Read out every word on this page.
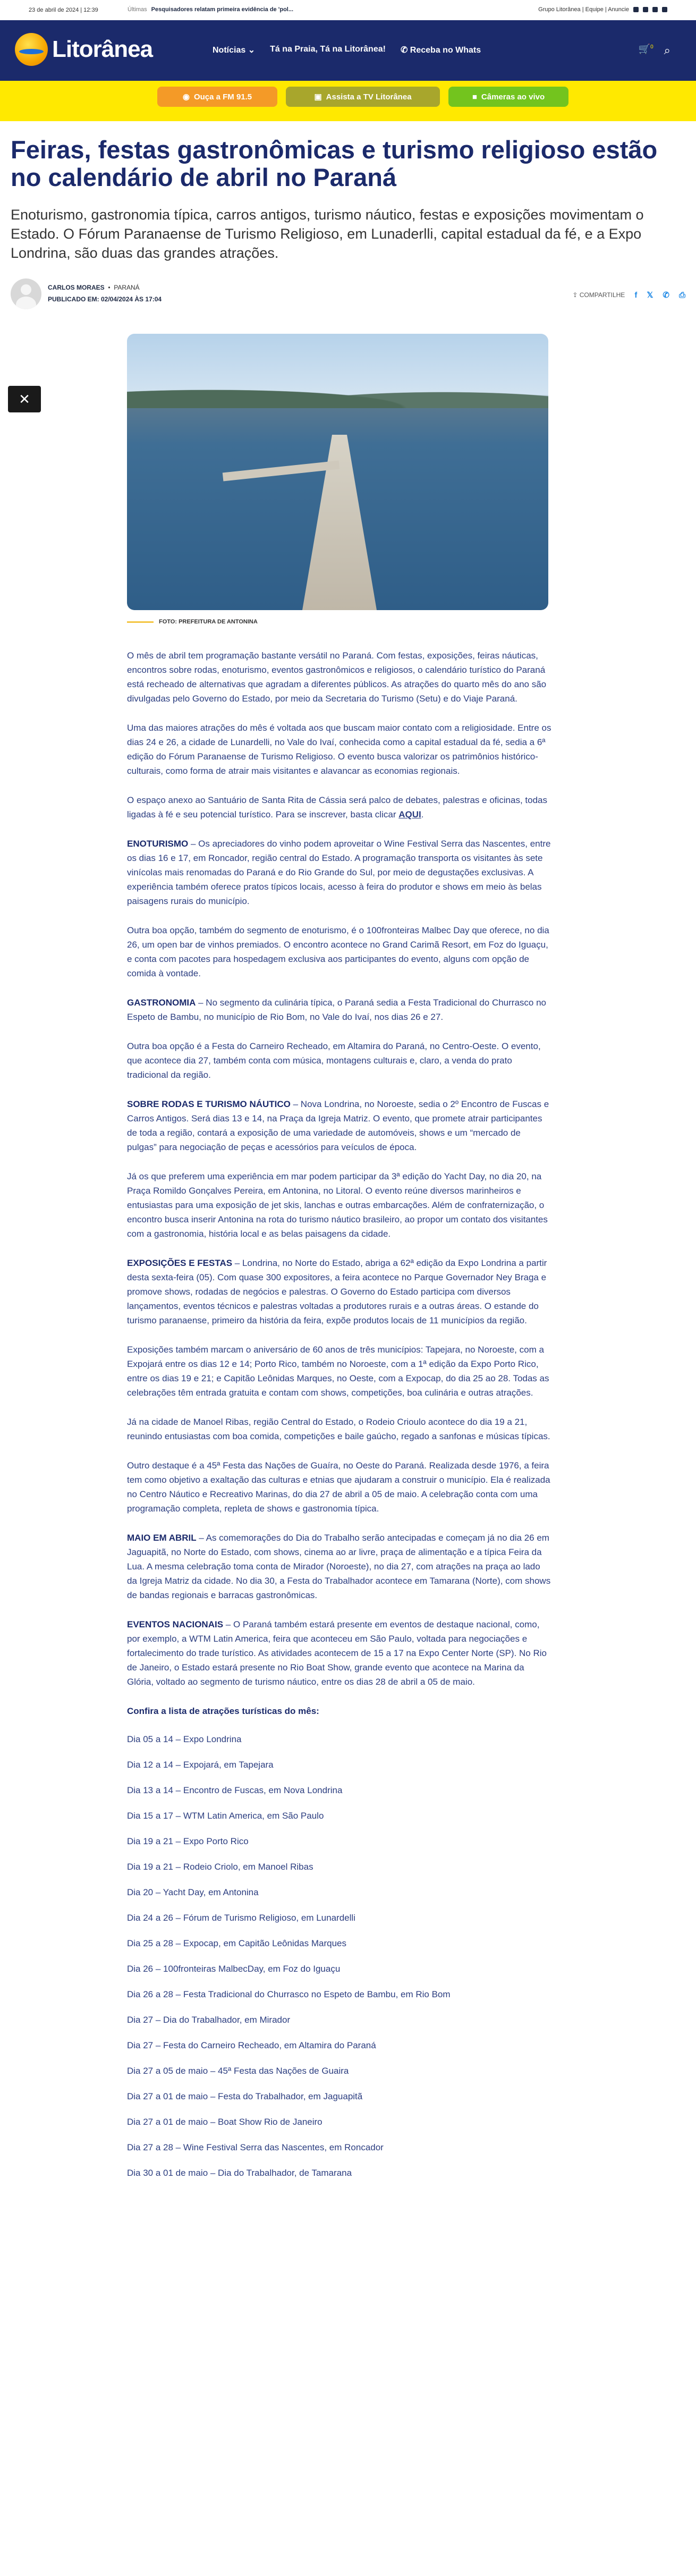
23 de abril de 2024 | 12:39	Últimas Pesquisadores relatam primeira evidência de 'pol...	Grupo Litorânea | Equipe | Anuncie
Litorânea	Notícias ⌄ Tá na Praia, Tá na Litorânea! ✆ Receba no Whats	🛒$^0$ ⌕
◉ Ouça a FM 91.5	▣ Assista a TV Litorânea	■ Câmeras ao vivo
Feiras, festas gastronômicas e turismo religioso estão no calendário de abril no Paraná
Enoturismo, gastronomia típica, carros antigos, turismo náutico, festas e exposições movimentam o Estado. O Fórum Paranaense de Turismo Religioso, em Lunaderlli, capital estadual da fé, e a Expo Londrina, são duas das grandes atrações.
CARLOS MORAES  •  PARANÁ
PUBLICADO EM: 02/04/2024 ÀS 17:04
⇪ COMPARTILHE f 𝕏 ✆ ⎙
✕
FOTO: PREFEITURA DE ANTONINA

O mês de abril tem programação bastante versátil no Paraná. Com festas, exposições, feiras náuticas, encontros sobre rodas, enoturismo, eventos gastronômicos e religiosos, o calendário turístico do Paraná está recheado de alternativas que agradam a diferentes públicos. As atrações do quarto mês do ano são divulgadas pelo Governo do Estado, por meio da Secretaria do Turismo (Setu) e do Viaje Paraná.

Uma das maiores atrações do mês é voltada aos que buscam maior contato com a religiosidade. Entre os dias 24 e 26, a cidade de Lunardelli, no Vale do Ivaí, conhecida como a capital estadual da fé, sedia a 6ª edição do Fórum Paranaense de Turismo Religioso. O evento busca valorizar os patrimônios histórico-culturais, como forma de atrair mais visitantes e alavancar as economias regionais.

O espaço anexo ao Santuário de Santa Rita de Cássia será palco de debates, palestras e oficinas, todas ligadas à fé e seu potencial turístico. Para se inscrever, basta clicar AQUI.

ENOTURISMO – Os apreciadores do vinho podem aproveitar o Wine Festival Serra das Nascentes, entre os dias 16 e 17, em Roncador, região central do Estado. A programação transporta os visitantes às sete vinícolas mais renomadas do Paraná e do Rio Grande do Sul, por meio de degustações exclusivas. A experiência também oferece pratos típicos locais, acesso à feira do produtor e shows em meio às belas paisagens rurais do município.

Outra boa opção, também do segmento de enoturismo, é o 100fronteiras Malbec Day que oferece, no dia 26, um open bar de vinhos premiados. O encontro acontece no Grand Carimã Resort, em Foz do Iguaçu, e conta com pacotes para hospedagem exclusiva aos participantes do evento, alguns com opção de comida à vontade.

GASTRONOMIA – No segmento da culinária típica, o Paraná sedia a Festa Tradicional do Churrasco no Espeto de Bambu, no município de Rio Bom, no Vale do Ivaí, nos dias 26 e 27.

Outra boa opção é a Festa do Carneiro Recheado, em Altamira do Paraná, no Centro-Oeste. O evento, que acontece dia 27, também conta com música, montagens culturais e, claro, a venda do prato tradicional da região.

SOBRE RODAS E TURISMO NÁUTICO – Nova Londrina, no Noroeste, sedia o 2º Encontro de Fuscas e Carros Antigos. Será dias 13 e 14, na Praça da Igreja Matriz. O evento, que promete atrair participantes de toda a região, contará a exposição de uma variedade de automóveis, shows e um “mercado de pulgas” para negociação de peças e acessórios para veículos de época.

Já os que preferem uma experiência em mar podem participar da 3ª edição do Yacht Day, no dia 20, na Praça Romildo Gonçalves Pereira, em Antonina, no Litoral. O evento reúne diversos marinheiros e entusiastas para uma exposição de jet skis, lanchas e outras embarcações. Além de confraternização, o encontro busca inserir Antonina na rota do turismo náutico brasileiro, ao propor um contato dos visitantes com a gastronomia, história local e as belas paisagens da cidade.

EXPOSIÇÕES E FESTAS – Londrina, no Norte do Estado, abriga a 62ª edição da Expo Londrina a partir desta sexta-feira (05). Com quase 300 expositores, a feira acontece no Parque Governador Ney Braga e promove shows, rodadas de negócios e palestras. O Governo do Estado participa com diversos lançamentos, eventos técnicos e palestras voltadas a produtores rurais e a outras áreas. O estande do turismo paranaense, primeiro da história da feira, expõe produtos locais de 11 municípios da região.

Exposições também marcam o aniversário de 60 anos de três municípios: Tapejara, no Noroeste, com a Expojará entre os dias 12 e 14; Porto Rico, também no Noroeste, com a 1ª edição da Expo Porto Rico, entre os dias 19 e 21; e Capitão Leônidas Marques, no Oeste, com a Expocap, do dia 25 ao 28. Todas as celebrações têm entrada gratuita e contam com shows, competições, boa culinária e outras atrações.

Já na cidade de Manoel Ribas, região Central do Estado, o Rodeio Crioulo acontece do dia 19 a 21, reunindo entusiastas com boa comida, competições e baile gaúcho, regado a sanfonas e músicas típicas.

Outro destaque é a 45ª Festa das Nações de Guaíra, no Oeste do Paraná. Realizada desde 1976, a feira tem como objetivo a exaltação das culturas e etnias que ajudaram a construir o município. Ela é realizada no Centro Náutico e Recreativo Marinas, do dia 27 de abril a 05 de maio. A celebração conta com uma programação completa, repleta de shows e gastronomia típica.

MAIO EM ABRIL – As comemorações do Dia do Trabalho serão antecipadas e começam já no dia 26 em Jaguapitã, no Norte do Estado, com shows, cinema ao ar livre, praça de alimentação e a típica Feira da Lua. A mesma celebração toma conta de Mirador (Noroeste), no dia 27, com atrações na praça ao lado da Igreja Matriz da cidade. No dia 30, a Festa do Trabalhador acontece em Tamarana (Norte), com shows de bandas regionais e barracas gastronômicas.

EVENTOS NACIONAIS – O Paraná também estará presente em eventos de destaque nacional, como, por exemplo, a WTM Latin America, feira que aconteceu em São Paulo, voltada para negociações e fortalecimento do trade turístico. As atividades acontecem de 15 a 17 na Expo Center Norte (SP). No Rio de Janeiro, o Estado estará presente no Rio Boat Show, grande evento que acontece na Marina da Glória, voltado ao segmento de turismo náutico, entre os dias 28 de abril a 05 de maio.

Confira a lista de atrações turísticas do mês:

Dia 05 a 14 – Expo Londrina
Dia 12 a 14 – Expojará, em Tapejara
Dia 13 a 14 – Encontro de Fuscas, em Nova Londrina
Dia 15 a 17 – WTM Latin America, em São Paulo
Dia 19 a 21 – Expo Porto Rico
Dia 19 a 21 – Rodeio Criolo, em Manoel Ribas
Dia 20 – Yacht Day, em Antonina
Dia 24 a 26 – Fórum de Turismo Religioso, em Lunardelli
Dia 25 a 28 – Expocap, em Capitão Leônidas Marques
Dia 26 – 100fronteiras MalbecDay, em Foz do Iguaçu
Dia 26 a 28 – Festa Tradicional do Churrasco no Espeto de Bambu, em Rio Bom
Dia 27 – Dia do Trabalhador, em Mirador
Dia 27 – Festa do Carneiro Recheado, em Altamira do Paraná
Dia 27 a 05 de maio – 45ª Festa das Nações de Guaira
Dia 27 a 01 de maio – Festa do Trabalhador, em Jaguapitã
Dia 27 a 01 de maio – Boat Show Rio de Janeiro
Dia 27 a 28 – Wine Festival Serra das Nascentes, em Roncador
Dia 30 a 01 de maio – Dia do Trabalhador, de Tamarana
